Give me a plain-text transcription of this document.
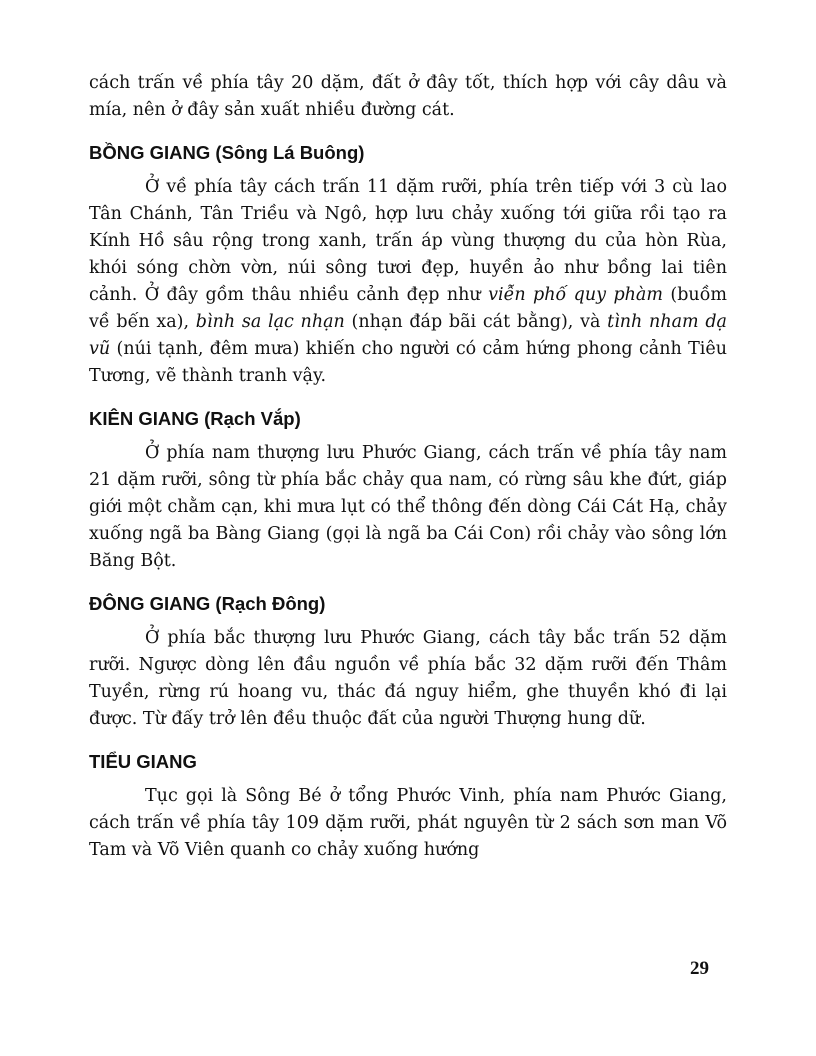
cách trấn về phía tây 20 dặm, đất ở đây tốt, thích hợp với cây dâu và mía, nên ở đây sản xuất nhiều đường cát.

BỒNG GIANG (Sông Lá Buông)

Ở về phía tây cách trấn 11 dặm rưỡi, phía trên tiếp với 3 cù lao Tân Chánh, Tân Triều và Ngô, hợp lưu chảy xuống tới giữa rồi tạo ra Kính Hồ sâu rộng trong xanh, trấn áp vùng thượng du của hòn Rùa, khói sóng chờn vờn, núi sông tươi đẹp, huyền ảo như bồng lai tiên cảnh. Ở đây gồm thâu nhiều cảnh đẹp như viễn phố quy phàm (buồm về bến xa), bình sa lạc nhạn (nhạn đáp bãi cát bằng), và tình nham dạ vũ (núi tạnh, đêm mưa) khiến cho người có cảm hứng phong cảnh Tiêu Tương, vẽ thành tranh vậy.

KIÊN GIANG (Rạch Vắp)

Ở phía nam thượng lưu Phước Giang, cách trấn về phía tây nam 21 dặm rưỡi, sông từ phía bắc chảy qua nam, có rừng sâu khe đứt, giáp giới một chằm cạn, khi mưa lụt có thể thông đến dòng Cái Cát Hạ, chảy xuống ngã ba Bàng Giang (gọi là ngã ba Cái Con) rồi chảy vào sông lớn Băng Bột.

ĐÔNG GIANG (Rạch Đông)

Ở phía bắc thượng lưu Phước Giang, cách tây bắc trấn 52 dặm rưỡi. Ngược dòng lên đầu nguồn về phía bắc 32 dặm rưỡi đến Thâm Tuyền, rừng rú hoang vu, thác đá nguy hiểm, ghe thuyền khó đi lại được. Từ đấy trở lên đều thuộc đất của người Thượng hung dữ.

TIỂU GIANG

Tục gọi là Sông Bé ở tổng Phước Vinh, phía nam Phước Giang, cách trấn về phía tây 109 dặm rưỡi, phát nguyên từ 2 sách sơn man Võ Tam và Võ Viên quanh co chảy xuống hướng

29
